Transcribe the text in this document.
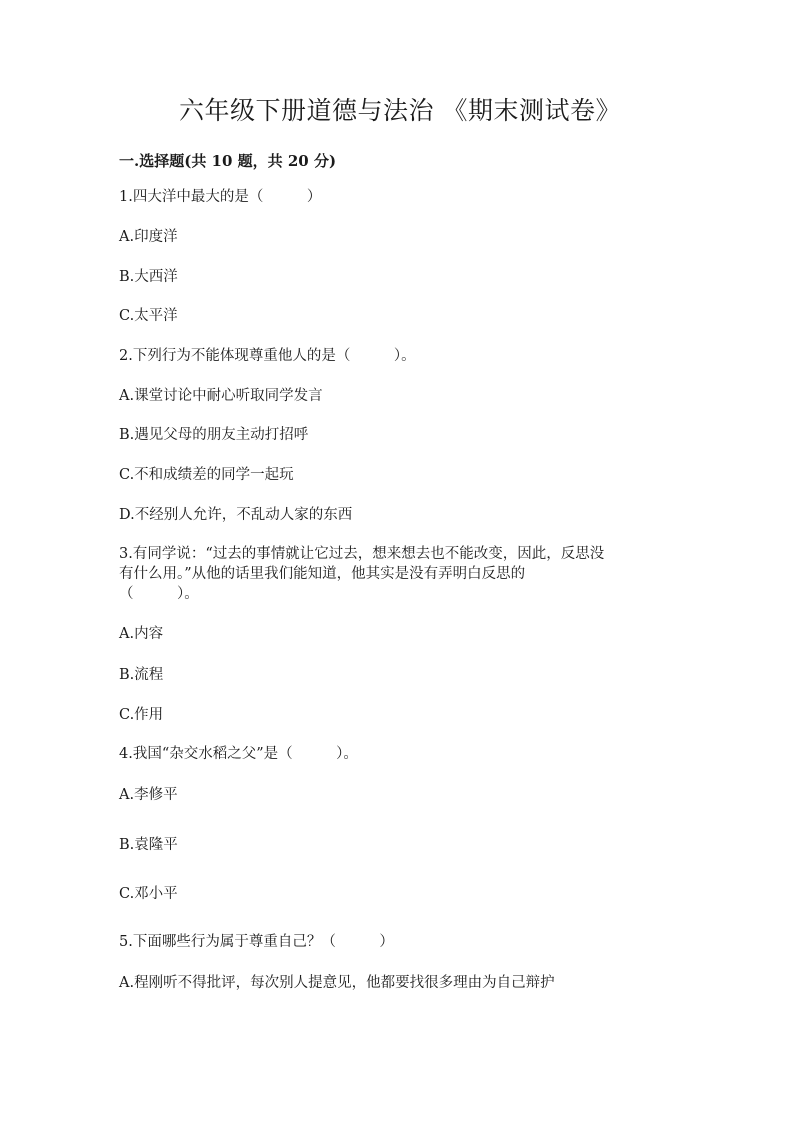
六年级下册道德与法治 《期末测试卷》
一.选择题(共 10 题，共 20 分)
1.四大洋中最大的是（　　　）
A.印度洋
B.大西洋
C.太平洋
2.下列行为不能体现尊重他人的是（　　　）。
A.课堂讨论中耐心听取同学发言
B.遇见父母的朋友主动打招呼
C.不和成绩差的同学一起玩
D.不经别人允许，不乱动人家的东西
3.有同学说：“过去的事情就让它过去，想来想去也不能改变，因此，反思没
有什么用。”从他的话里我们能知道，他其实是没有弄明白反思的
（　　　）。
A.内容
B.流程
C.作用
4.我国“杂交水稻之父”是（　　　）。
A.李修平
B.袁隆平
C.邓小平
5.下面哪些行为属于尊重自己？（　　　）
A.程刚听不得批评，每次别人提意见，他都要找很多理由为自己辩护
